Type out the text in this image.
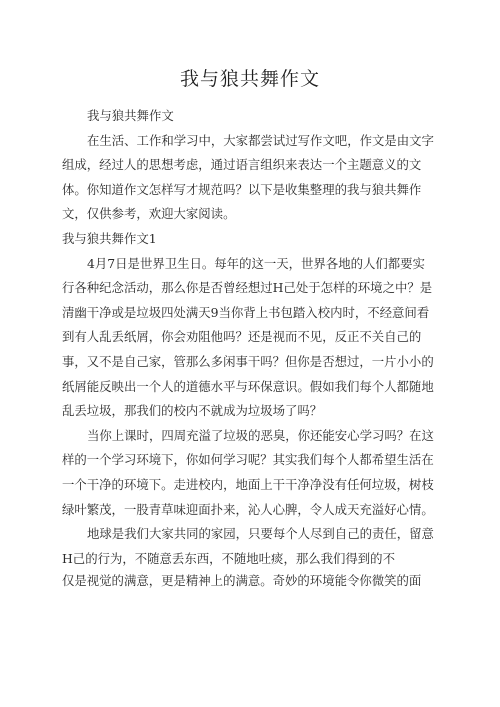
我与狼共舞作文

我与狼共舞作文

在生活、工作和学习中，大家都尝试过写作文吧，作文是由文字组成，经过人的思想考虑，通过语言组织来表达一个主题意义的文体。你知道作文怎样写才规范吗？以下是收集整理的我与狼共舞作文，仅供参考，欢迎大家阅读。

我与狼共舞作文1

4月7日是世界卫生日。每年的这一天，世界各地的人们都要实行各种纪念活动，那么你是否曾经想过H己处于怎样的环境之中？是清幽干净或是垃圾四处满天9当你背上书包踏入校内时，不经意间看到有人乱丢纸屑，你会劝阻他吗？还是视而不见，反正不关自己的事，又不是自己家，管那么多闲事干吗？但你是否想过，一片小小的纸屑能反映出一个人的道德水平与环保意识。假如我们每个人都随地乱丢垃圾，那我们的校内不就成为垃圾场了吗？

当你上课时，四周充溢了垃圾的恶臭，你还能安心学习吗？在这样的一个学习环境下，你如何学习呢？其实我们每个人都希望生活在一个干净的环境下。走进校内，地面上干干净净没有任何垃圾，树枝绿叶繁茂，一股青草味迎面扑来，沁人心脾，令人成天充溢好心情。

地球是我们大家共同的家园，只要每个人尽到自己的责任，留意H己的行为，不随意丢东西，不随地吐痰，那么我们得到的不

仅是视觉的满意，更是精神上的满意。奇妙的环境能令你微笑的面
